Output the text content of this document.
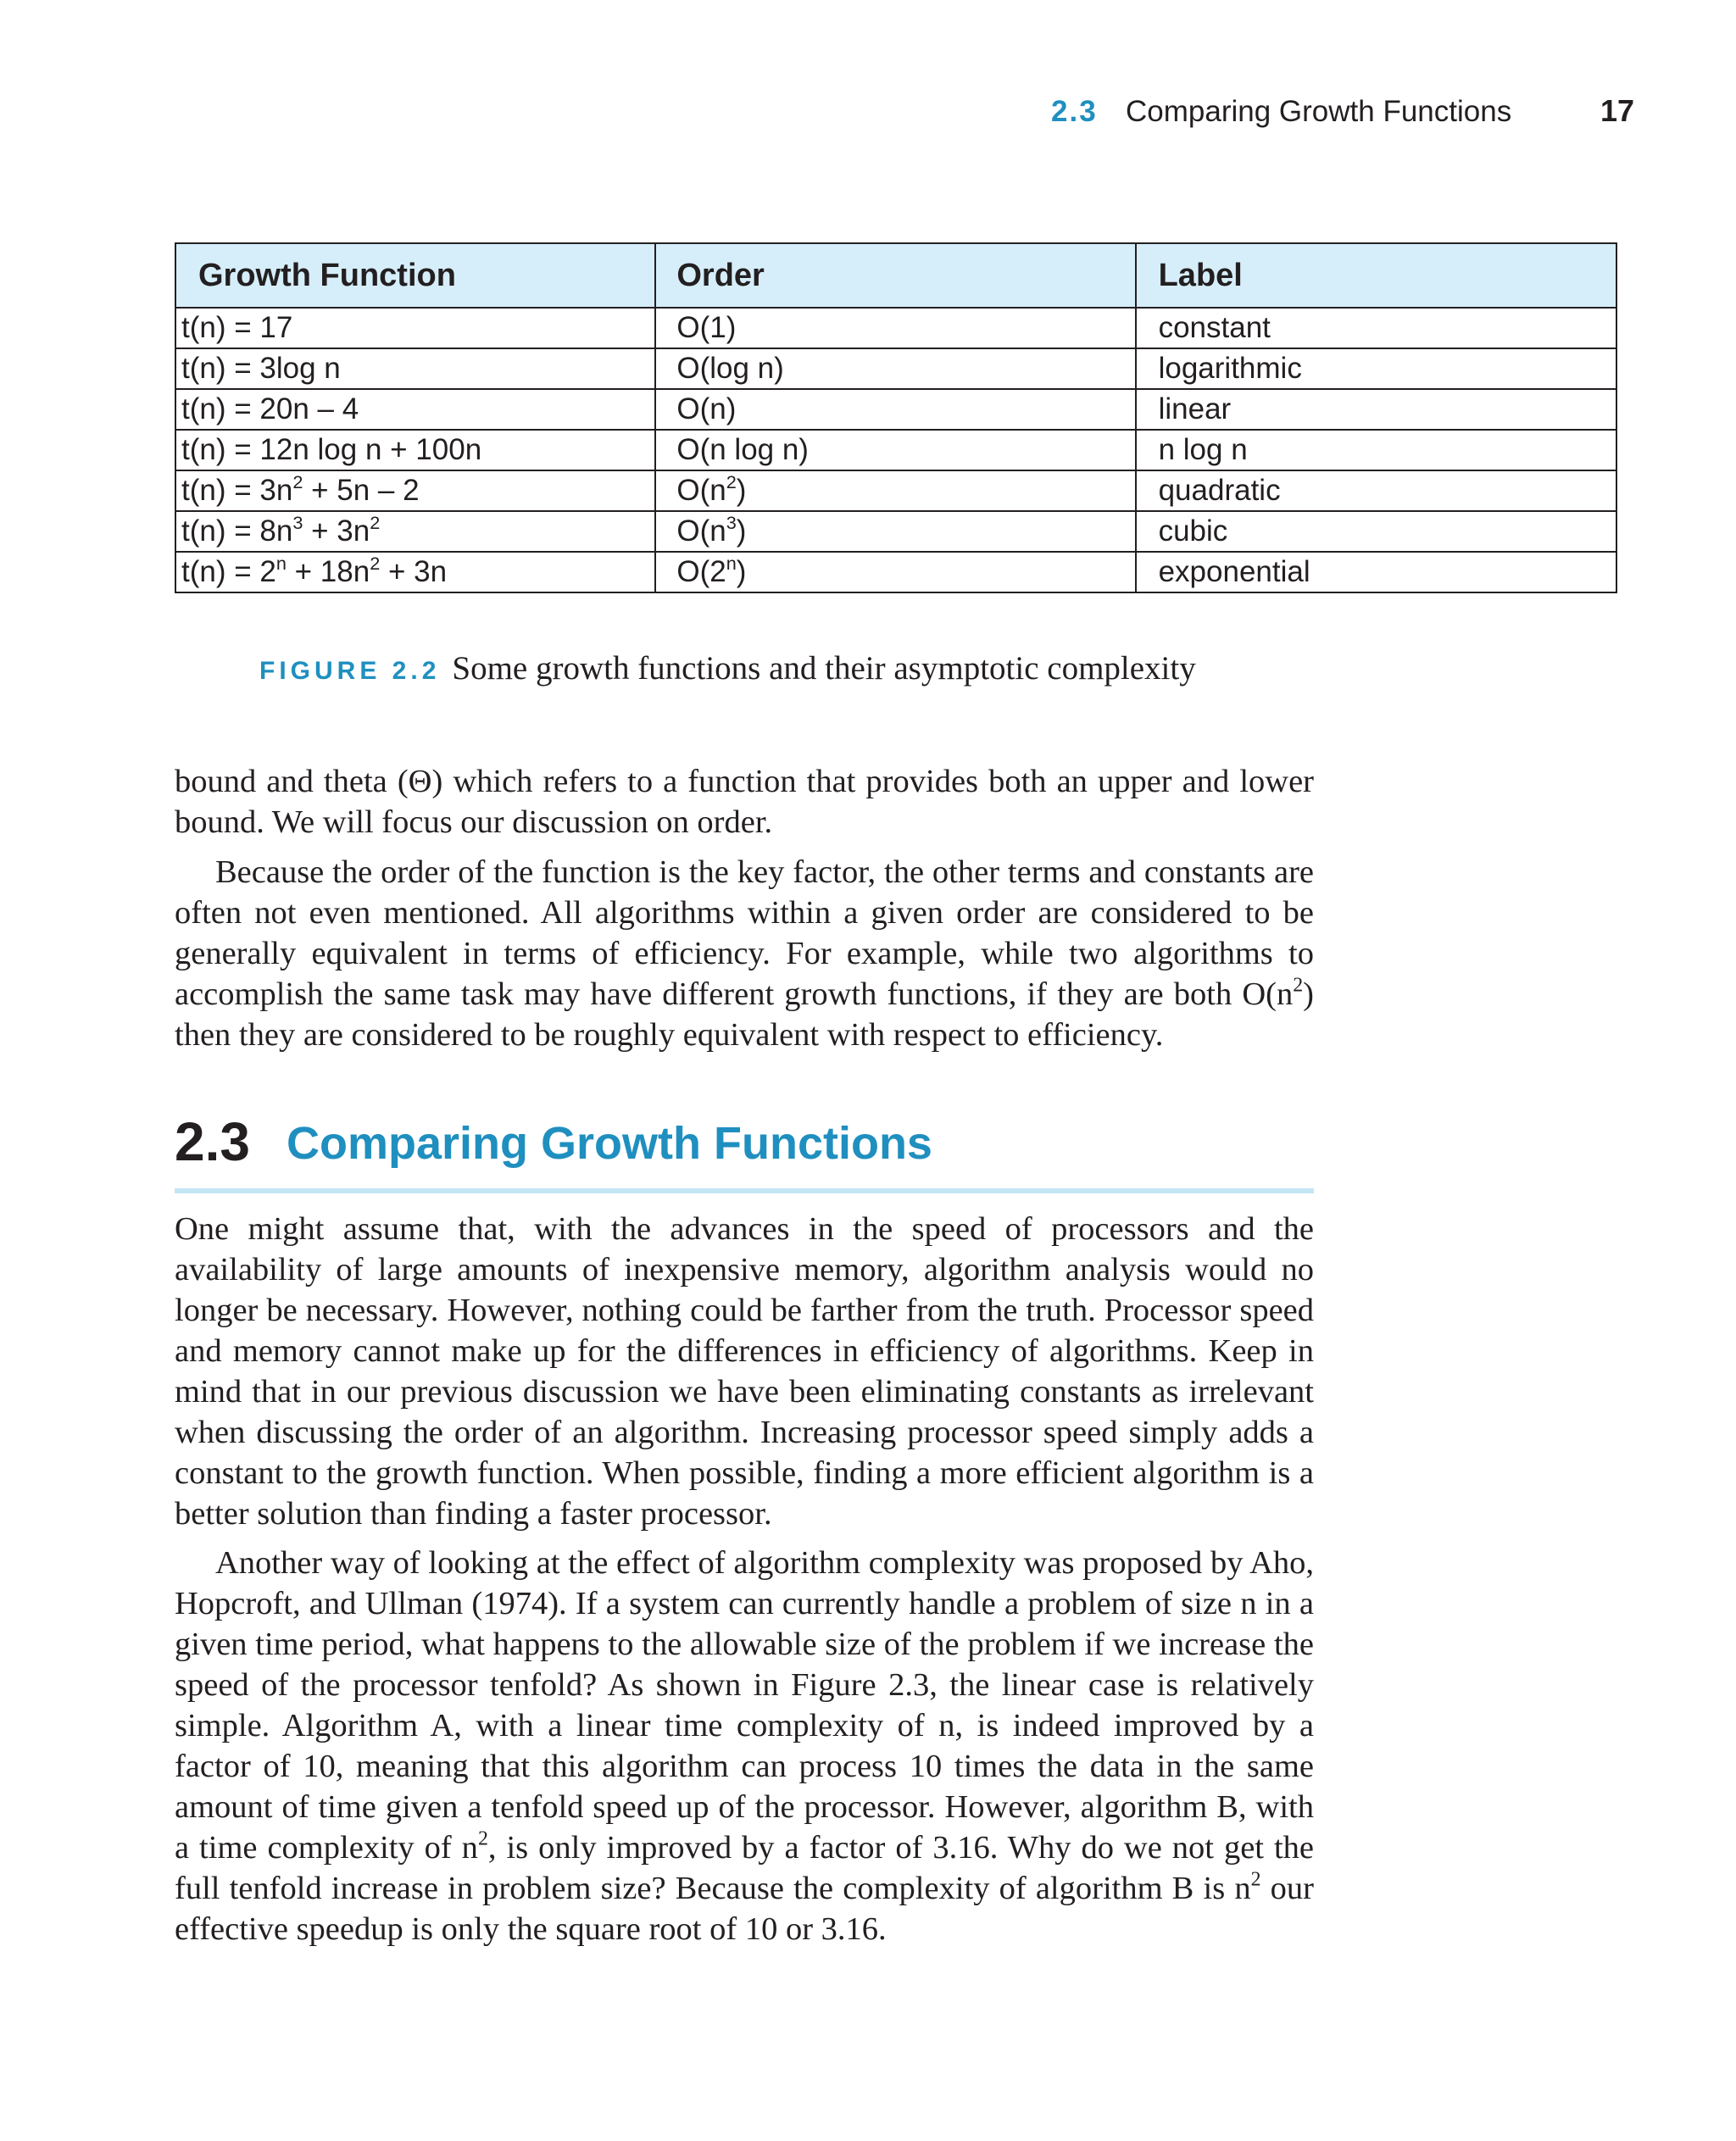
2.3 Comparing Growth Functions	17
Growth Function	Order	Label
t(n) = 17	O(1)	constant
t(n) = 3log n	O(log n)	logarithmic
t(n) = 20n – 4	O(n)	linear
t(n) = 12n log n + 100n	O(n log n)	n log n
$t(n) = 3n^2 + 5n - 2$	$O(n^2)$	quadratic
$t(n) = 8n^3 + 3n^2$	$O(n^3)$	cubic
$t(n) = 2^n + 18n^2 + 3n$	O(2$^n$)	exponential
FIGURE 2.2 Some growth functions and their asymptotic complexity

bound and theta (Θ) which refers to a function that provides both an upper and lower bound. We will focus our discussion on order.

Because the order of the function is the key factor, the other terms and constants are often not even mentioned. All algorithms within a given order are considered to be generally equivalent in terms of efficiency. For example, while two algorithms to accomplish the same task may have different growth functions, if they are both $O(n^2)$ then they are considered to be roughly equivalent with respect to efficiency.

2.3 Comparing Growth Functions

One might assume that, with the advances in the speed of processors and the availability of large amounts of inexpensive memory, algorithm analysis would no longer be necessary. However, nothing could be farther from the truth. Processor speed and memory cannot make up for the differences in efficiency of algorithms. Keep in mind that in our previous discussion we have been eliminating constants as irrelevant when discussing the order of an algorithm. Increasing processor speed simply adds a constant to the growth function. When possible, finding a more efficient algorithm is a better solution than finding a faster processor.

Another way of looking at the effect of algorithm complexity was proposed by Aho, Hopcroft, and Ullman (1974). If a system can currently handle a problem of size n in a given time period, what happens to the allowable size of the problem if we increase the speed of the processor tenfold? As shown in Figure 2.3, the linear case is relatively simple. Algorithm A, with a linear time complexity of n, is indeed improved by a factor of 10, meaning that this algorithm can process 10 times the data in the same amount of time given a tenfold speed up of the processor. However, algorithm B, with a time complexity of $n^2$, is only improved by a factor of 3.16. Why do we not get the full tenfold increase in problem size? Because the complexity of algorithm B is $n^2$ our effective speedup is only the square root of 10 or 3.16.
